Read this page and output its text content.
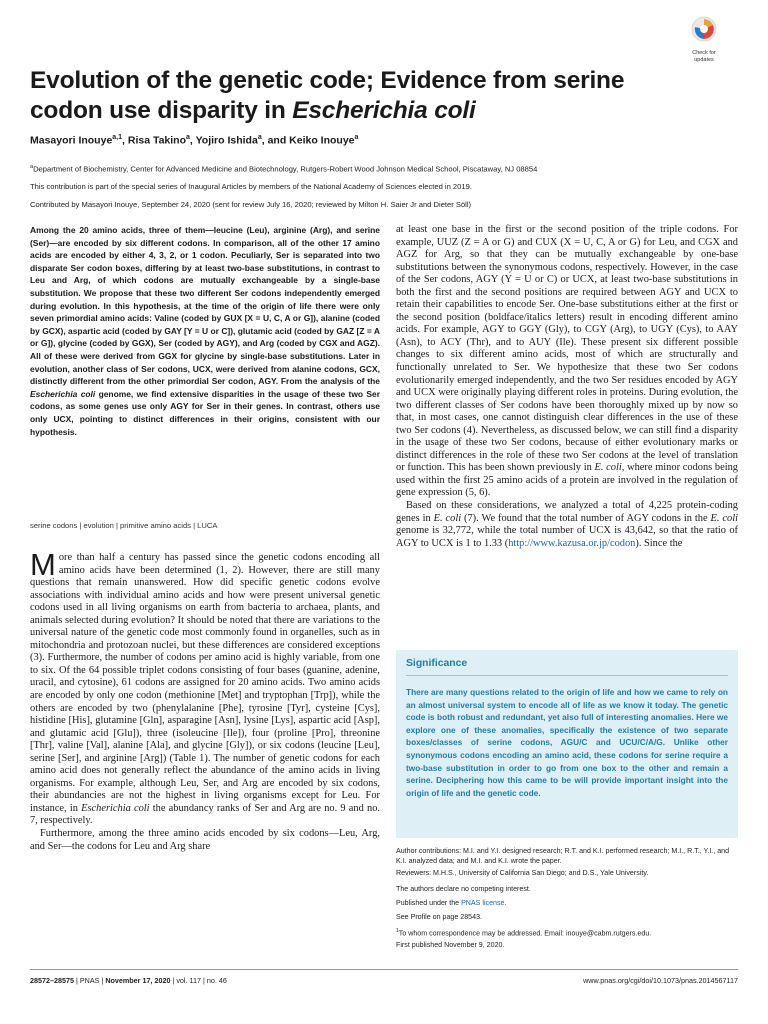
Check for
updates
Evolution of the genetic code; Evidence from serine codon use disparity in Escherichia coli
Masayori Inouye$^{a,1}$, Risa Takino$^a$, Yojiro Ishida$^a$, and Keiko Inouye$^a$
$^a$Department of Biochemistry, Center for Advanced Medicine and Biotechnology, Rutgers-Robert Wood Johnson Medical School, Piscataway, NJ 08854
This contribution is part of the special series of Inaugural Articles by members of the National Academy of Sciences elected in 2019.
Contributed by Masayori Inouye, September 24, 2020 (sent for review July 16, 2020; reviewed by Milton H. Saier Jr and Dieter Söll)
Among the 20 amino acids, three of them—leucine (Leu), arginine (Arg), and serine (Ser)—are encoded by six different codons. In comparison, all of the other 17 amino acids are encoded by either 4, 3, 2, or 1 codon. Peculiarly, Ser is separated into two disparate Ser codon boxes, differing by at least two-base substitutions, in contrast to Leu and Arg, of which codons are mutually exchangeable by a single-base substitution. We propose that these two different Ser codons independently emerged during evolution. In this hypothesis, at the time of the origin of life there were only seven primordial amino acids: Valine (coded by GUX [X = U, C, A or G]), alanine (coded by GCX), aspartic acid (coded by GAY [Y = U or C]), glutamic acid (coded by GAZ [Z = A or G]), glycine (coded by GGX), Ser (coded by AGY), and Arg (coded by CGX and AGZ). All of these were derived from GGX for glycine by single-base substitutions. Later in evolution, another class of Ser codons, UCX, were derived from alanine codons, GCX, distinctly different from the other primordial Ser codon, AGY. From the analysis of the Escherichia coli genome, we find extensive disparities in the usage of these two Ser codons, as some genes use only AGY for Ser in their genes. In contrast, others use only UCX, pointing to distinct differences in their origins, consistent with our hypothesis.
serine codons | evolution | primitive amino acids | LUCA

More than half a century has passed since the genetic codons encoding all amino acids have been determined (1, 2). However, there are still many questions that remain unanswered. How did specific genetic codons evolve associations with individual amino acids and how were present universal genetic codons used in all living organisms on earth from bacteria to archaea, plants, and animals selected during evolution? It should be noted that there are variations to the universal nature of the genetic code most commonly found in organelles, such as in mitochondria and protozoan nuclei, but these differences are considered exceptions (3). Furthermore, the number of codons per amino acid is highly variable, from one to six. Of the 64 possible triplet codons consisting of four bases (guanine, adenine, uracil, and cytosine), 61 codons are assigned for 20 amino acids. Two amino acids are encoded by only one codon (methionine [Met] and tryptophan [Trp]), while the others are encoded by two (phenylalanine [Phe], tyrosine [Tyr], cysteine [Cys], histidine [His], glutamine [Gln], asparagine [Asn], lysine [Lys], aspartic acid [Asp], and glutamic acid [Glu]), three (isoleucine [Ile]), four (proline [Pro], threonine [Thr], valine [Val], alanine [Ala], and glycine [Gly]), or six codons (leucine [Leu], serine [Ser], and arginine [Arg]) (Table 1). The number of genetic codons for each amino acid does not generally reflect the abundance of the amino acids in living organisms. For example, although Leu, Ser, and Arg are encoded by six codons, their abundancies are not the highest in living organisms except for Leu. For instance, in Escherichia coli the abundancy ranks of Ser and Arg are no. 9 and no. 7, respectively.

Furthermore, among the three amino acids encoded by six codons—Leu, Arg, and Ser—the codons for Leu and Arg share

at least one base in the first or the second position of the triple codons. For example, UUZ (Z = A or G) and CUX (X = U, C, A or G) for Leu, and CGX and AGZ for Arg, so that they can be mutually exchangeable by one-base substitutions between the synonymous codons, respectively. However, in the case of the Ser codons, AGY (Y = U or C) or UCX, at least two-base substitutions in both the first and the second positions are required between AGY and UCX to retain their capabilities to encode Ser. One-base substitutions either at the first or the second position (boldface/italics letters) result in encoding different amino acids. For example, AGY to GGY (Gly), to CGY (Arg), to UGY (Cys), to AAY (Asn), to ACY (Thr), and to AUY (Ile). These present six different possible changes to six different amino acids, most of which are structurally and functionally unrelated to Ser. We hypothesize that these two Ser codons evolutionarily emerged independently, and the two Ser residues encoded by AGY and UCX were originally playing different roles in proteins. During evolution, the two different classes of Ser codons have been thoroughly mixed up by now so that, in most cases, one cannot distinguish clear differences in the use of these two Ser codons (4). Nevertheless, as discussed below, we can still find a disparity in the usage of these two Ser codons, because of either evolutionary marks or distinct differences in the role of these two Ser codons at the level of translation or function. This has been shown previously in E. coli, where minor codons being used within the first 25 amino acids of a protein are involved in the regulation of gene expression (5, 6).

Based on these considerations, we analyzed a total of 4,225 protein-coding genes in E. coli (7). We found that the total number of AGY codons in the E. coli genome is 32,772, while the total number of UCX is 43,642, so that the ratio of AGY to UCX is 1 to 1.33 (http://www.kazusa.or.jp/codon). Since the

Significance
There are many questions related to the origin of life and how we came to rely on an almost universal system to encode all of life as we know it today. The genetic code is both robust and redundant, yet also full of interesting anomalies. Here we explore one of these anomalies, specifically the existence of two separate boxes/classes of serine codons, AGU/C and UCU/C/A/G. Unlike other synonymous codons encoding an amino acid, these codons for serine require a two-base substitution in order to go from one box to the other and remain a serine. Deciphering how this came to be will provide important insight into the origin of life and the genetic code.
Author contributions: M.I. and Y.I. designed research; R.T. and K.I. performed research; M.I., R.T., Y.I., and K.I. analyzed data; and M.I. and K.I. wrote the paper.
Reviewers: M.H.S., University of California San Diego; and D.S., Yale University.
The authors declare no competing interest.
Published under the PNAS license.
See Profile on page 28543.
$^1$To whom correspondence may be addressed. Email: inouye@cabm.rutgers.edu.
First published November 9, 2020.
28572–28575 | PNAS | November 17, 2020 | vol. 117 | no. 46	www.pnas.org/cgi/doi/10.1073/pnas.2014567117
